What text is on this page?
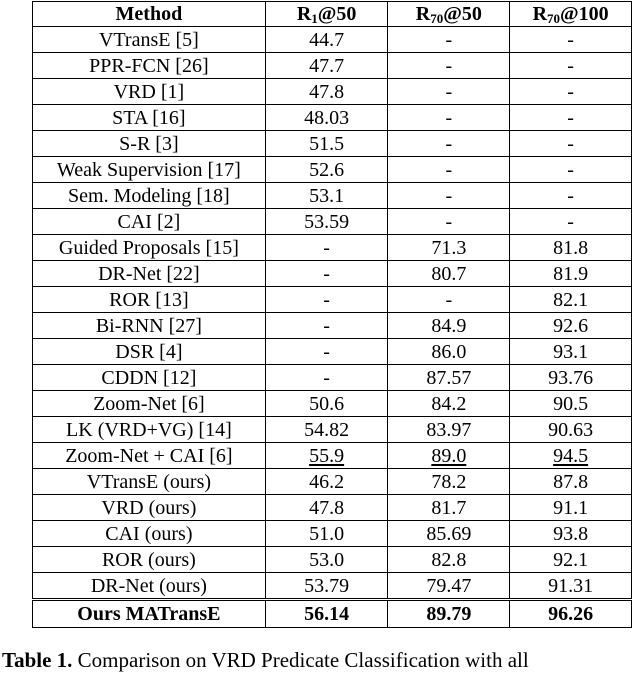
Method	$R_1@50$	$R_{70}@50$	$R_{70}@100$
VTransE [5]	44.7	-	-
PPR-FCN [26]	47.7	-	-
VRD [1]	47.8	-	-
STA [16]	48.03	-	-
S-R [3]	51.5	-	-
Weak Supervision [17]	52.6	-	-
Sem. Modeling [18]	53.1	-	-
CAI [2]	53.59	-	-
Guided Proposals [15]	-	71.3	81.8
DR-Net [22]	-	80.7	81.9
ROR [13]	-	-	82.1
Bi-RNN [27]	-	84.9	92.6
DSR [4]	-	86.0	93.1
CDDN [12]	-	87.57	93.76
Zoom-Net [6]	50.6	84.2	90.5
LK (VRD+VG) [14]	54.82	83.97	90.63
Zoom-Net + CAI [6]	55.9	89.0	94.5
VTransE (ours)	46.2	78.2	87.8
VRD (ours)	47.8	81.7	91.1
CAI (ours)	51.0	85.69	93.8
ROR (ours)	53.0	82.8	92.1
DR-Net (ours)	53.79	79.47	91.31
Ours MATransE	56.14	89.79	96.26
Table 1. Comparison on VRD Predicate Classification with all
